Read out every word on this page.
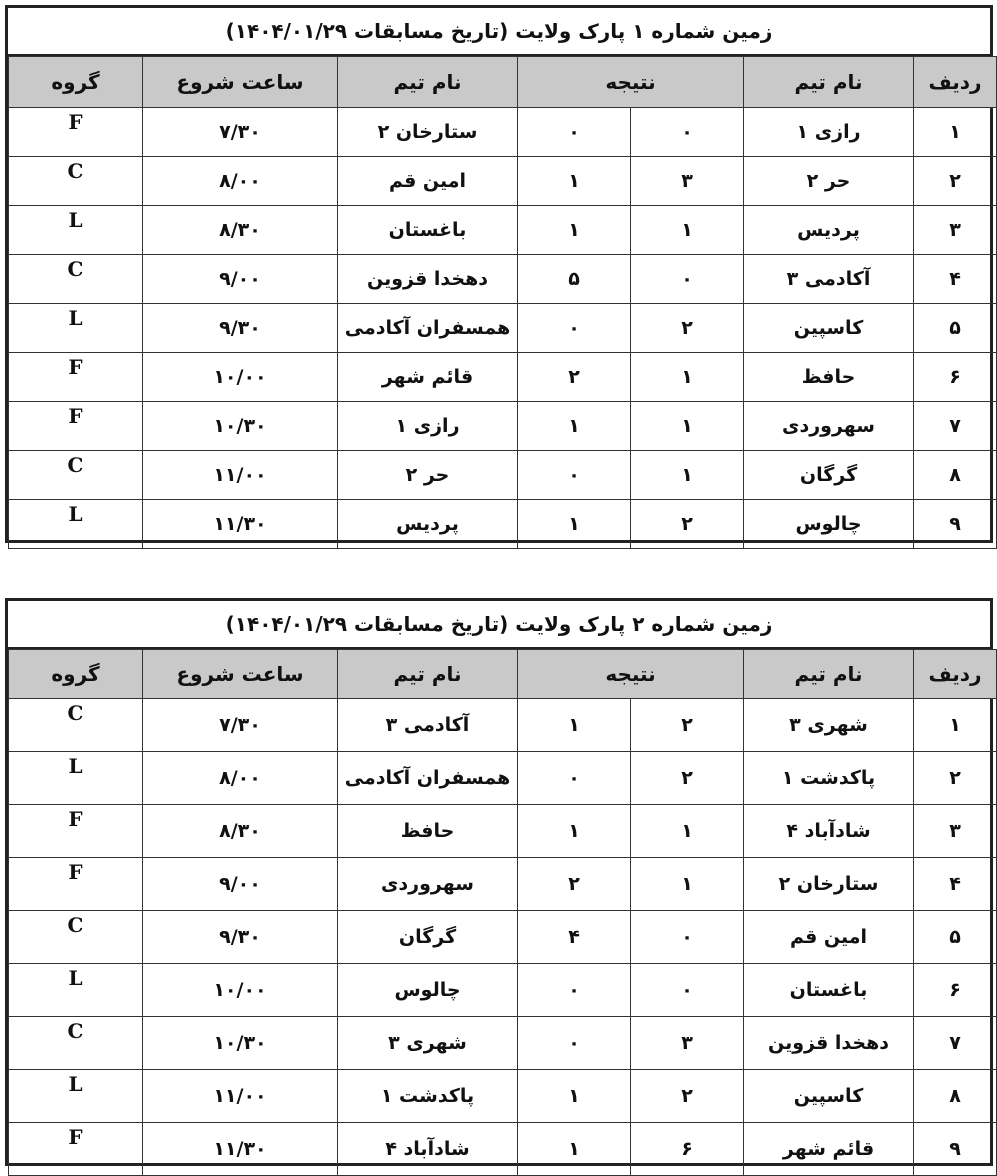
زمین شماره ۱ پارک ولایت (تاریخ مسابقات ۱۴۰۴/۰۱/۲۹)
ردیف	نام تیم	نتیجه		نام تیم	ساعت شروع	گروه
۱	رازی ۱	۰	۰	ستارخان ۲	۷/۳۰	F
۲	حر ۲	۳	۱	امین قم	۸/۰۰	C
۳	پردیس	۱	۱	باغستان	۸/۳۰	L
۴	آکادمی ۳	۰	۵	دهخدا قزوین	۹/۰۰	C
۵	کاسپین	۲	۰	همسفران آکادمی	۹/۳۰	L
۶	حافظ	۱	۲	قائم شهر	۱۰/۰۰	F
۷	سهروردی	۱	۱	رازی ۱	۱۰/۳۰	F
۸	گرگان	۱	۰	حر ۲	۱۱/۰۰	C
۹	چالوس	۲	۱	پردیس	۱۱/۳۰	L
زمین شماره ۲ پارک ولایت (تاریخ مسابقات ۱۴۰۴/۰۱/۲۹)
ردیف	نام تیم	نتیجه		نام تیم	ساعت شروع	گروه
۱	شهری ۳	۲	۱	آکادمی ۳	۷/۳۰	C
۲	پاکدشت ۱	۲	۰	همسفران آکادمی	۸/۰۰	L
۳	شادآباد ۴	۱	۱	حافظ	۸/۳۰	F
۴	ستارخان ۲	۱	۲	سهروردی	۹/۰۰	F
۵	امین قم	۰	۴	گرگان	۹/۳۰	C
۶	باغستان	۰	۰	چالوس	۱۰/۰۰	L
۷	دهخدا قزوین	۳	۰	شهری ۳	۱۰/۳۰	C
۸	کاسپین	۲	۱	پاکدشت ۱	۱۱/۰۰	L
۹	قائم شهر	۶	۱	شادآباد ۴	۱۱/۳۰	F
